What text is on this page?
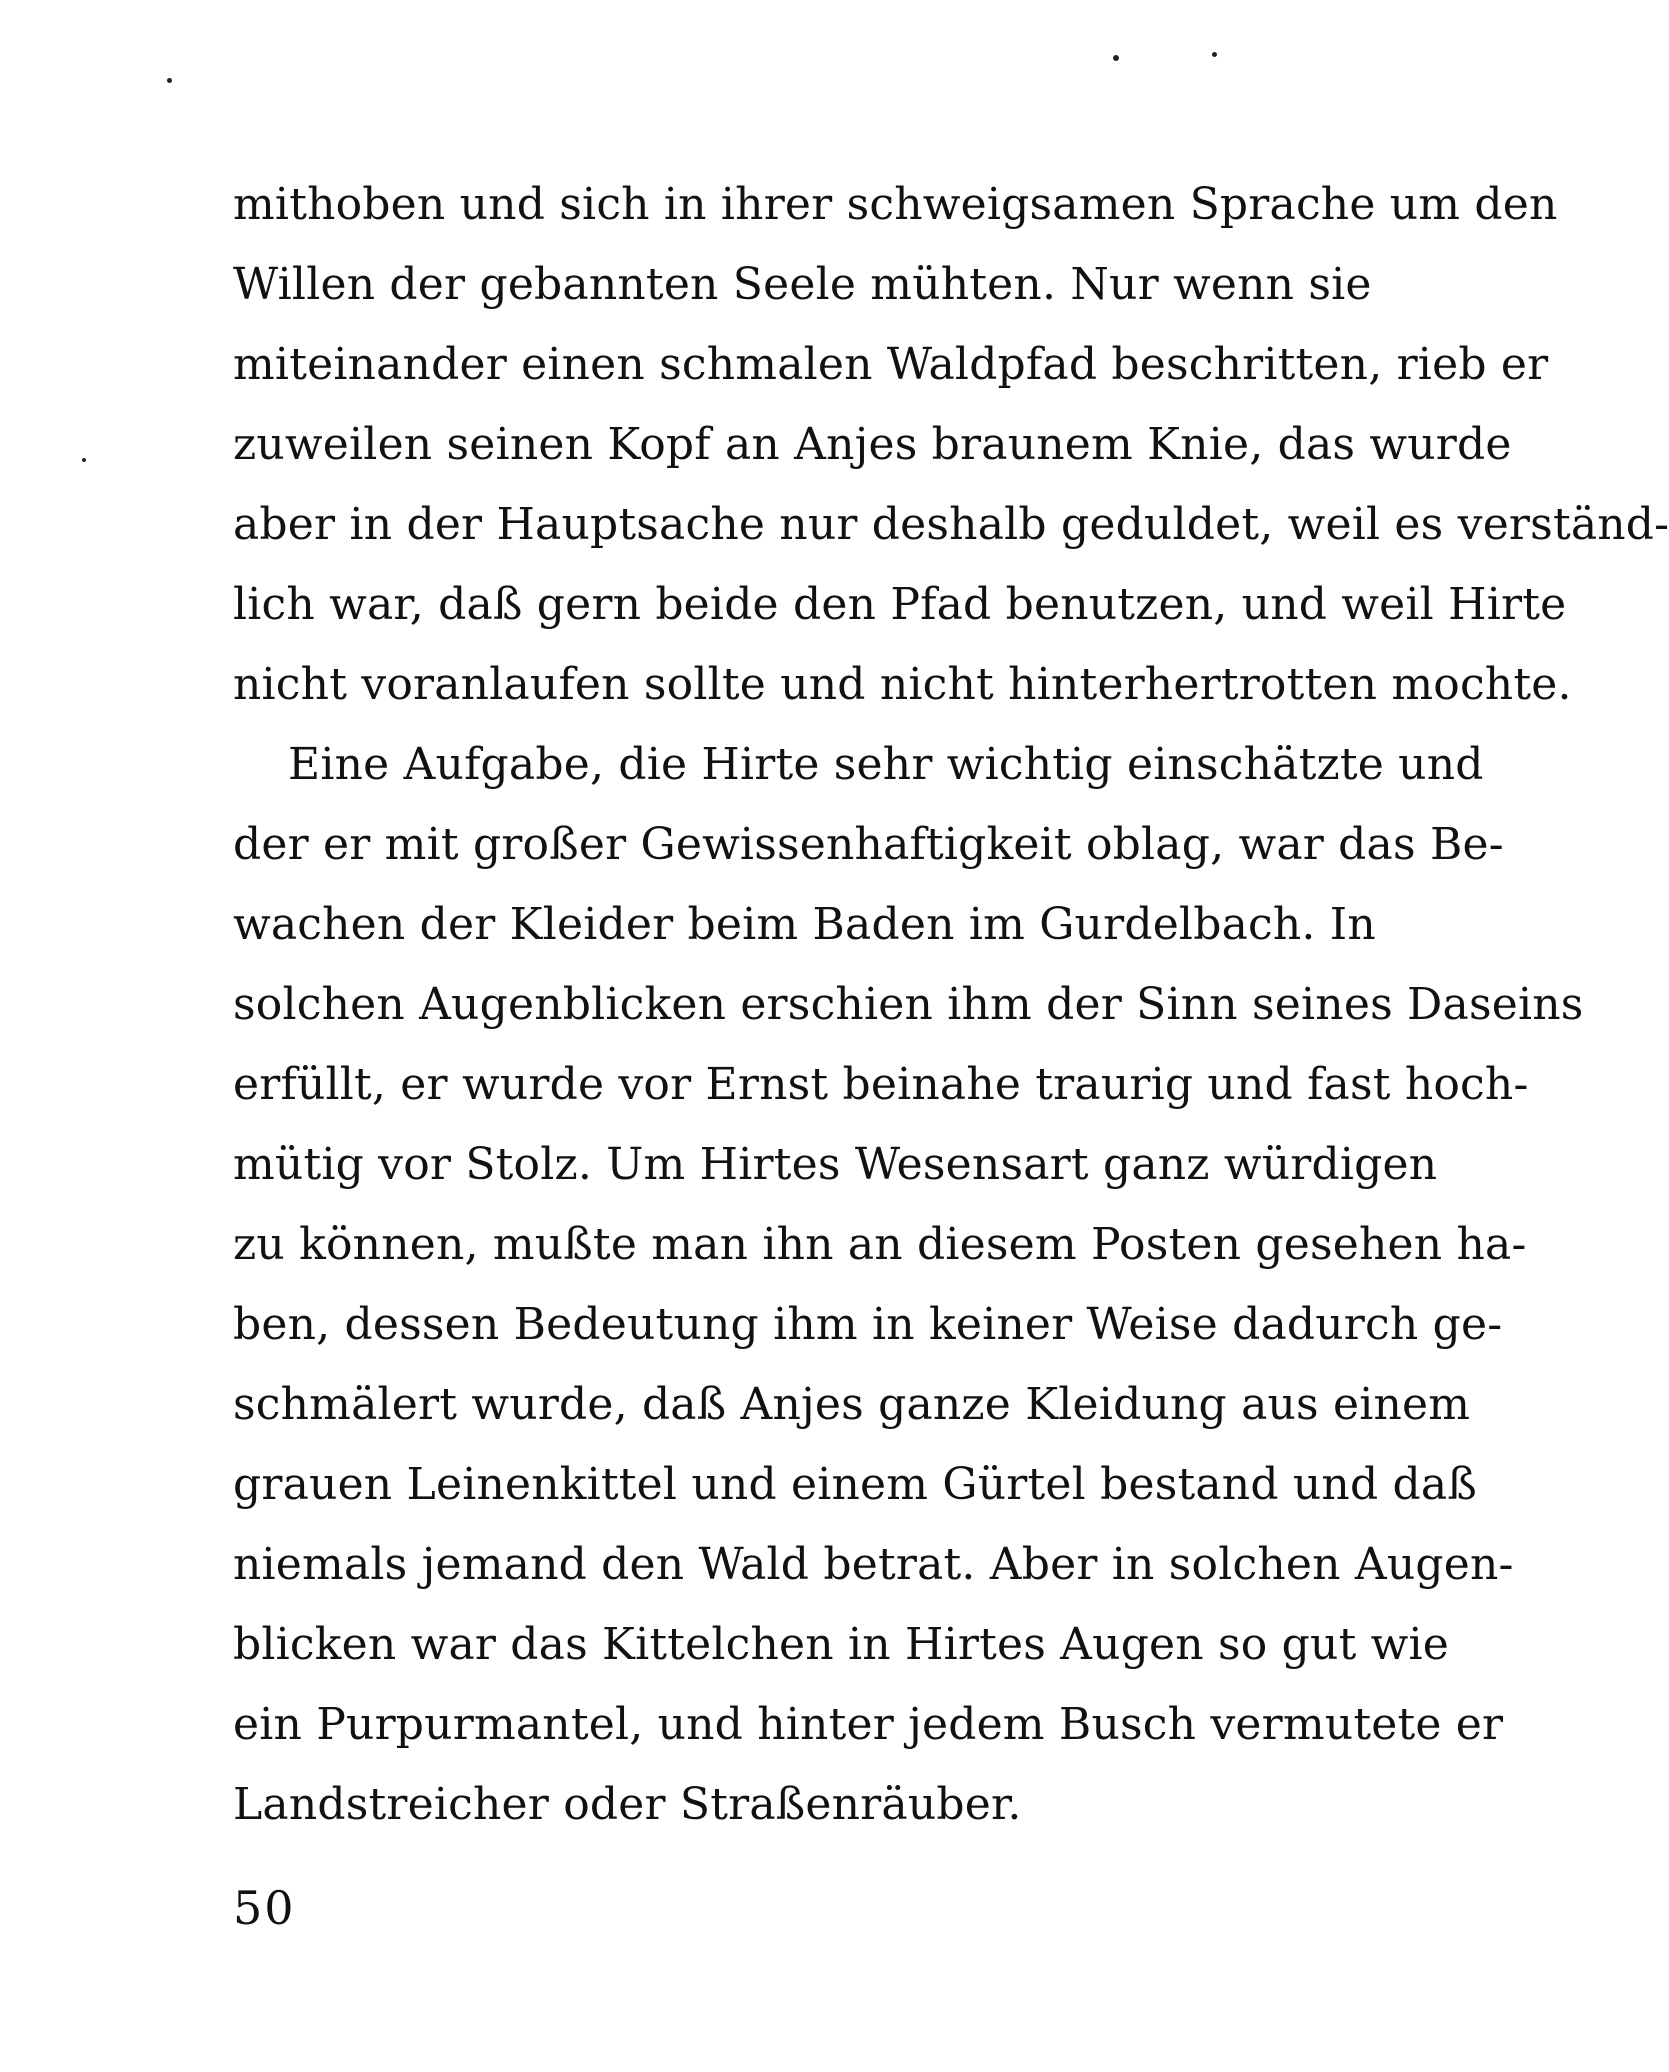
mithoben und sich in ihrer schweigsamen Sprache um den
Willen der gebannten Seele mühten. Nur wenn sie
miteinander einen schmalen Waldpfad beschritten, rieb er
zuweilen seinen Kopf an Anjes braunem Knie, das wurde
aber in der Hauptsache nur deshalb geduldet, weil es verständ-
lich war, daß gern beide den Pfad benutzen, und weil Hirte
nicht voranlaufen sollte und nicht hinterhertrotten mochte.
Eine Aufgabe, die Hirte sehr wichtig einschätzte und
der er mit großer Gewissenhaftigkeit oblag, war das Be-
wachen der Kleider beim Baden im Gurdelbach. In
solchen Augenblicken erschien ihm der Sinn seines Daseins
erfüllt, er wurde vor Ernst beinahe traurig und fast hoch-
mütig vor Stolz. Um Hirtes Wesensart ganz würdigen
zu können, mußte man ihn an diesem Posten gesehen ha-
ben, dessen Bedeutung ihm in keiner Weise dadurch ge-
schmälert wurde, daß Anjes ganze Kleidung aus einem
grauen Leinenkittel und einem Gürtel bestand und daß
niemals jemand den Wald betrat. Aber in solchen Augen-
blicken war das Kittelchen in Hirtes Augen so gut wie
ein Purpurmantel, und hinter jedem Busch vermutete er
Landstreicher oder Straßenräuber.
50
